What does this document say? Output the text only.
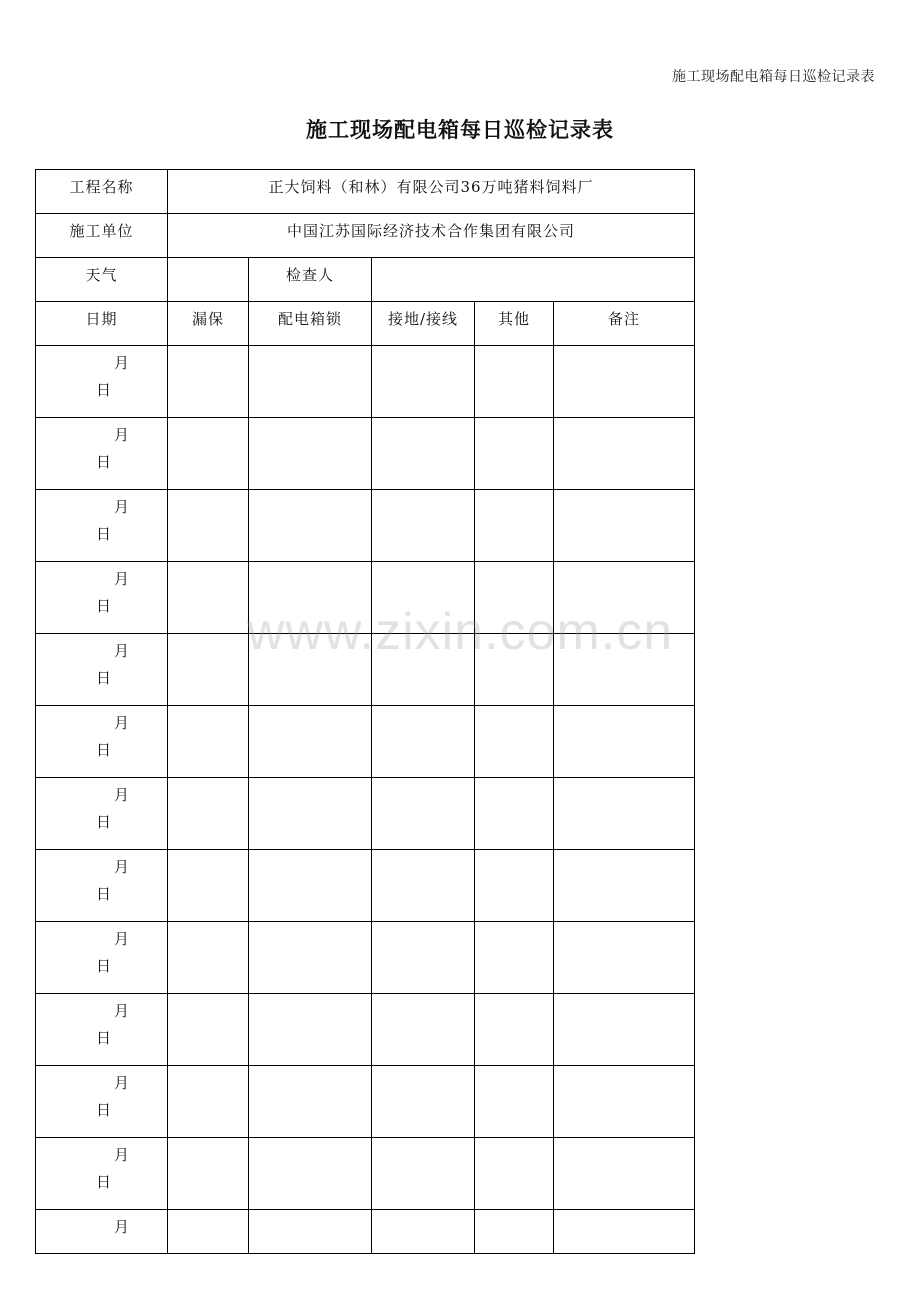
施工现场配电箱每日巡检记录表
施工现场配电箱每日巡检记录表
工程名称	正大饲料（和林）有限公司36万吨猪料饲料厂				
施工单位	中国江苏国际经济技术合作集团有限公司				
天气		检查人			
日期	漏保	配电箱锁	接地/接线	其他	备注

月
日					

月
日					

月
日					

月
日					

月
日					

月
日					

月
日					

月
日					

月
日					

月
日					

月
日					

月
日					

月					

www.zixin.com.cn
